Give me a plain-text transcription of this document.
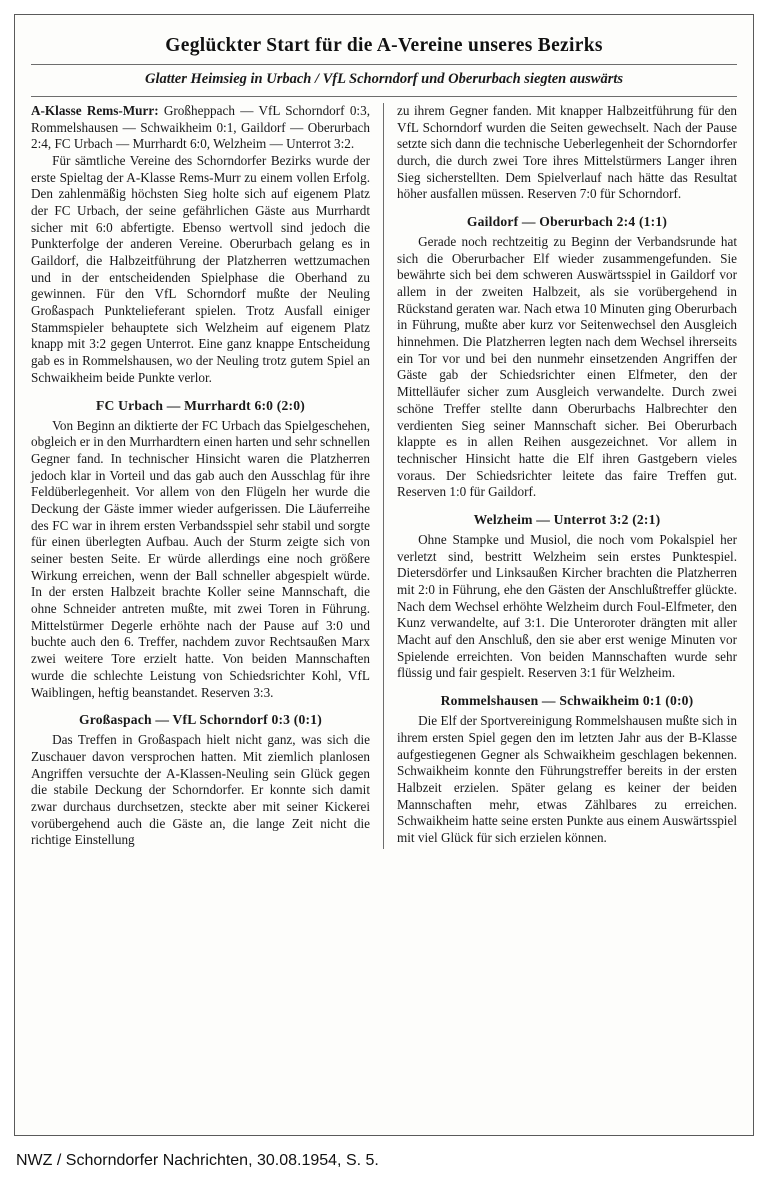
Geglückter Start für die A-Vereine unseres Bezirks
Glatter Heimsieg in Urbach / VfL Schorndorf und Oberurbach siegten auswärts

A-Klasse Rems-Murr: Großheppach — VfL Schorndorf 0:3, Rommelshausen — Schwaikheim 0:1, Gaildorf — Oberurbach 2:4, FC Urbach — Murrhardt 6:0, Welzheim — Unterrot 3:2.

Für sämtliche Vereine des Schorndorfer Bezirks wurde der erste Spieltag der A-Klasse Rems-Murr zu einem vollen Erfolg. Den zahlenmäßig höchsten Sieg holte sich auf eigenem Platz der FC Urbach, der seine gefährlichen Gäste aus Murrhardt sicher mit 6:0 abfertigte. Ebenso wertvoll sind jedoch die Punkterfolge der anderen Vereine. Oberurbach gelang es in Gaildorf, die Halbzeitführung der Platzherren wettzumachen und in der entscheidenden Spielphase die Oberhand zu gewinnen. Für den VfL Schorndorf mußte der Neuling Großaspach Punktelieferant spielen. Trotz Ausfall einiger Stammspieler behauptete sich Welzheim auf eigenem Platz knapp mit 3:2 gegen Unterrot. Eine ganz knappe Entscheidung gab es in Rommelshausen, wo der Neuling trotz gutem Spiel an Schwaikheim beide Punkte verlor.

FC Urbach — Murrhardt 6:0 (2:0)

Von Beginn an diktierte der FC Urbach das Spielgeschehen, obgleich er in den Murrhardtern einen harten und sehr schnellen Gegner fand. In technischer Hinsicht waren die Platzherren jedoch klar in Vorteil und das gab auch den Ausschlag für ihre Feldüberlegenheit. Vor allem von den Flügeln her wurde die Deckung der Gäste immer wieder aufgerissen. Die Läuferreihe des FC war in ihrem ersten Verbandsspiel sehr stabil und sorgte für einen überlegten Aufbau. Auch der Sturm zeigte sich von seiner besten Seite. Er würde allerdings eine noch größere Wirkung erreichen, wenn der Ball schneller abgespielt würde. In der ersten Halbzeit brachte Koller seine Mannschaft, die ohne Schneider antreten mußte, mit zwei Toren in Führung. Mittelstürmer Degerle erhöhte nach der Pause auf 3:0 und buchte auch den 6. Treffer, nachdem zuvor Rechtsaußen Marx zwei weitere Tore erzielt hatte. Von beiden Mannschaften wurde die schlechte Leistung von Schiedsrichter Kohl, VfL Waiblingen, heftig beanstandet. Reserven 3:3.

Großaspach — VfL Schorndorf 0:3 (0:1)

Das Treffen in Großaspach hielt nicht ganz, was sich die Zuschauer davon versprochen hatten. Mit ziemlich planlosen Angriffen versuchte der A-Klassen-Neuling sein Glück gegen die stabile Deckung der Schorndorfer. Er konnte sich damit zwar durchaus durchsetzen, steckte aber mit seiner Kickerei vorübergehend auch die Gäste an, die lange Zeit nicht die richtige Einstellung

zu ihrem Gegner fanden. Mit knapper Halbzeitführung für den VfL Schorndorf wurden die Seiten gewechselt. Nach der Pause setzte sich dann die technische Ueberlegenheit der Schorndorfer durch, die durch zwei Tore ihres Mittelstürmers Langer ihren Sieg sicherstellten. Dem Spielverlauf nach hätte das Resultat höher ausfallen müssen. Reserven 7:0 für Schorndorf.

Gaildorf — Oberurbach 2:4 (1:1)

Gerade noch rechtzeitig zu Beginn der Verbandsrunde hat sich die Oberurbacher Elf wieder zusammengefunden. Sie bewährte sich bei dem schweren Auswärtsspiel in Gaildorf vor allem in der zweiten Halbzeit, als sie vorübergehend in Rückstand geraten war. Nach etwa 10 Minuten ging Oberurbach in Führung, mußte aber kurz vor Seitenwechsel den Ausgleich hinnehmen. Die Platzherren legten nach dem Wechsel ihrerseits ein Tor vor und bei den nunmehr einsetzenden Angriffen der Gäste gab der Schiedsrichter einen Elfmeter, den der Mittelläufer sicher zum Ausgleich verwandelte. Durch zwei schöne Treffer stellte dann Oberurbachs Halbrechter den verdienten Sieg seiner Mannschaft sicher. Bei Oberurbach klappte es in allen Reihen ausgezeichnet. Vor allem in technischer Hinsicht hatte die Elf ihren Gastgebern vieles voraus. Der Schiedsrichter leitete das faire Treffen gut. Reserven 1:0 für Gaildorf.

Welzheim — Unterrot 3:2 (2:1)

Ohne Stampke und Musiol, die noch vom Pokalspiel her verletzt sind, bestritt Welzheim sein erstes Punktespiel. Dietersdörfer und Linksaußen Kircher brachten die Platzherren mit 2:0 in Führung, ehe den Gästen der Anschlußtreffer glückte. Nach dem Wechsel erhöhte Welzheim durch Foul-Elfmeter, den Kunz verwandelte, auf 3:1. Die Unteroroter drängten mit aller Macht auf den Anschluß, den sie aber erst wenige Minuten vor Spielende erreichten. Von beiden Mannschaften wurde sehr flüssig und fair gespielt. Reserven 3:1 für Welzheim.

Rommelshausen — Schwaikheim 0:1 (0:0)

Die Elf der Sportvereinigung Rommelshausen mußte sich in ihrem ersten Spiel gegen den im letzten Jahr aus der B-Klasse aufgestiegenen Gegner als Schwaikheim geschlagen bekennen. Schwaikheim konnte den Führungstreffer bereits in der ersten Halbzeit erzielen. Später gelang es keiner der beiden Mannschaften mehr, etwas Zählbares zu erreichen. Schwaikheim hatte seine ersten Punkte aus einem Auswärtsspiel mit viel Glück für sich erzielen können.

NWZ / Schorndorfer Nachrichten, 30.08.1954, S. 5.
